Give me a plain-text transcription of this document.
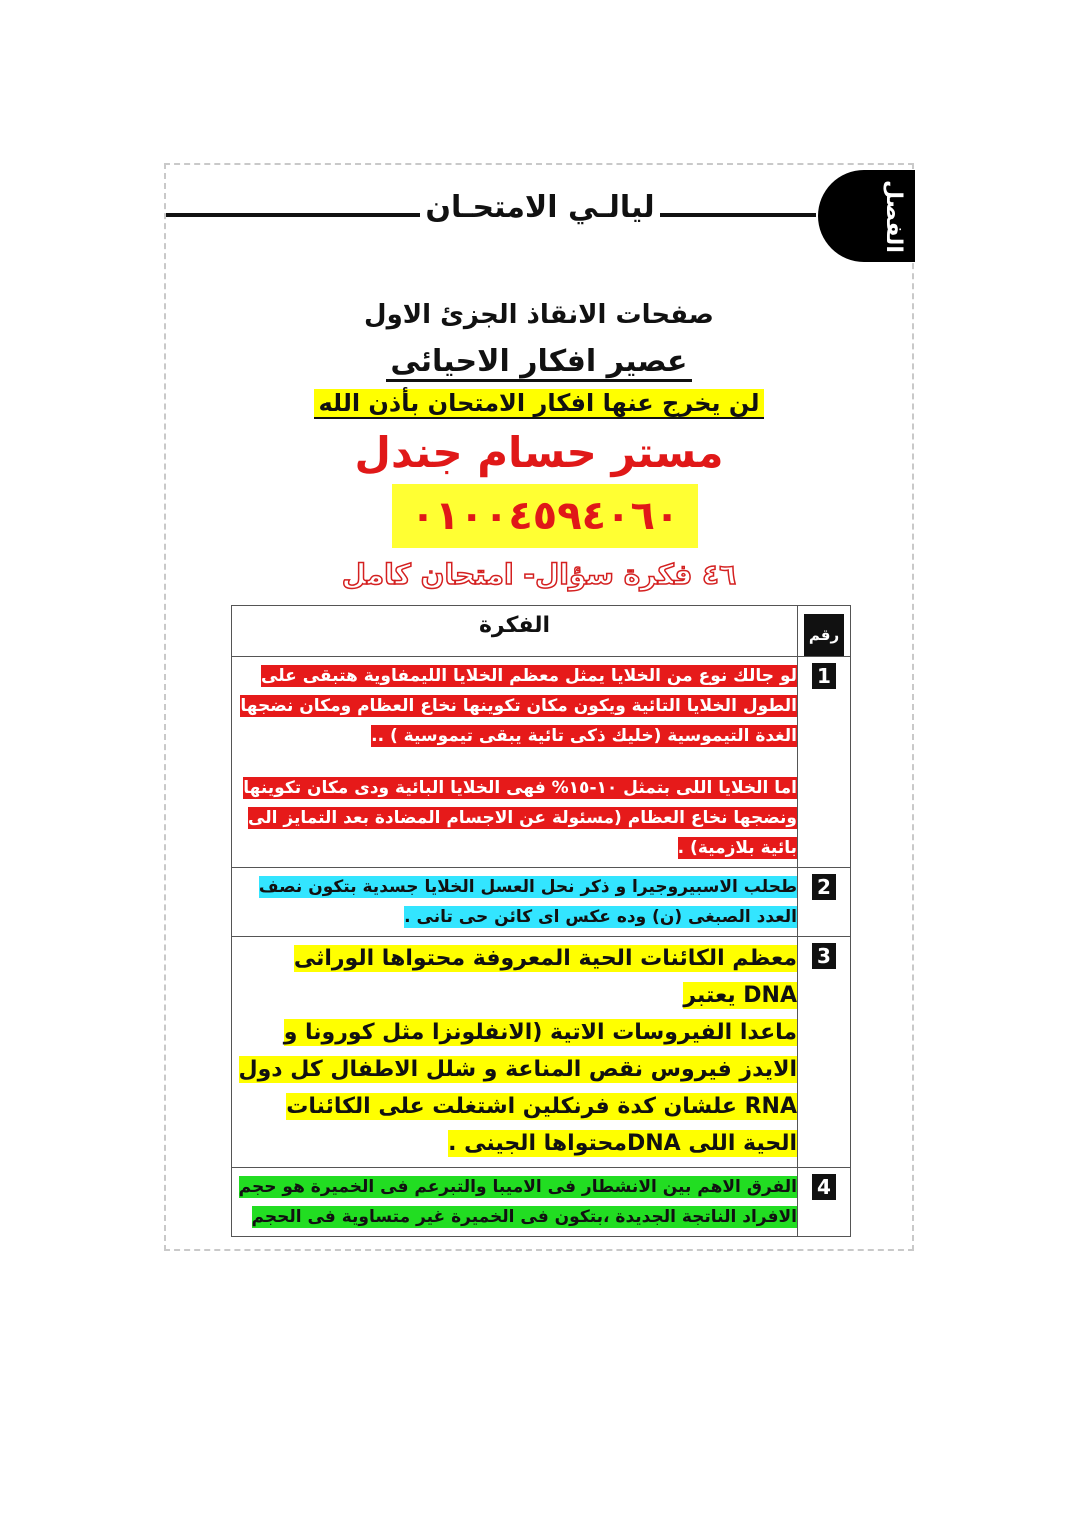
الفصل
ليالـي الامتحـان
صفحات الانقاذ الجزئ الاول
عصير افكار الاحيائى
لن يخرج عنها افكار الامتحان بأذن الله
مستر حسام جندل
٠١٠٠٤٥٩٤٠٦٠
٤٦ فكرة سؤال- امتحان كامل
رقم	الفكرة
1	لو جالك نوع من الخلايا يمثل معظم الخلايا الليمفاوية هتبقى على الطول الخلايا التائية ويكون مكان تكوينها نخاع العظام ومكان نضجها الغدة التيموسية (خليك ذكى تائية يبقى تيموسية ) ..

اما الخلايا اللى بتمثل ١٠-١٥% فهى الخلايا البائية ودى مكان تكوينها ونضجها نخاع العظام (مسئولة عن الاجسام المضادة بعد التمايز الى بائية بلازمية) .

2	طحلب الاسبيروجيرا و ذكر نحل العسل الخلايا جسدية بتكون نصف العدد الصبغى (ن) وده عكس اى كائن حى تانى .

3	معظم الكائنات الحية المعروفة محتواها الوراثى DNA يعتبر

ماعدا الفيروسات الاتية (الانفلونزا مثل كورونا و الايدز فيروس نقص المناعة و شلل الاطفال كل دول RNA علشان كدة فرنكلين اشتغلت على الكائنات الحية اللى DNAمحتواها الجينى .

4	الفرق الاهم بين الانشطار فى الاميبا والتبرعم فى الخميرة هو حجم الافراد الناتجة الجديدة ،بتكون فى الخميرة غير متساوية فى الحجم
